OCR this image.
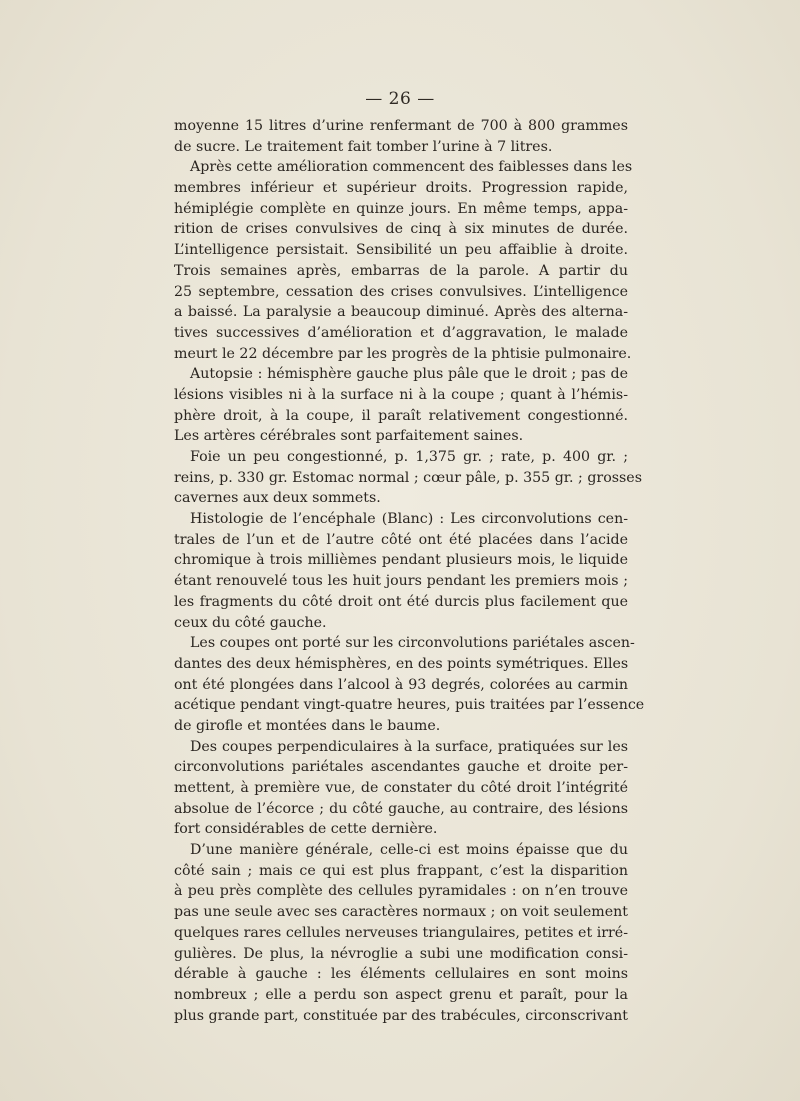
— 26 —
moyenne 15 litres d’urine renfermant de 700 à 800 grammes
de sucre. Le traitement fait tomber l’urine à 7 litres.
Après cette amélioration commencent des faiblesses dans les
membres inférieur et supérieur droits. Progression rapide,
hémiplégie complète en quinze jours. En même temps, appa-
rition de crises convulsives de cinq à six minutes de durée.
L’intelligence persistait. Sensibilité un peu affaiblie à droite.
Trois semaines après, embarras de la parole. A partir du
25 septembre, cessation des crises convulsives. L’intelligence
a baissé. La paralysie a beaucoup diminué. Après des alterna-
tives successives d’amélioration et d’aggravation, le malade
meurt le 22 décembre par les progrès de la phtisie pulmonaire.
Autopsie : hémisphère gauche plus pâle que le droit ; pas de
lésions visibles ni à la surface ni à la coupe ; quant à l’hémis-
phère droit, à la coupe, il paraît relativement congestionné.
Les artères cérébrales sont parfaitement saines.
Foie un peu congestionné, p. 1,375 gr. ; rate, p. 400 gr. ;
reins, p. 330 gr. Estomac normal ; cœur pâle, p. 355 gr. ; grosses
cavernes aux deux sommets.
Histologie de l’encéphale (Blanc) : Les circonvolutions cen-
trales de l’un et de l’autre côté ont été placées dans l’acide
chromique à trois millièmes pendant plusieurs mois, le liquide
étant renouvelé tous les huit jours pendant les premiers mois ;
les fragments du côté droit ont été durcis plus facilement que
ceux du côté gauche.
Les coupes ont porté sur les circonvolutions pariétales ascen-
dantes des deux hémisphères, en des points symétriques. Elles
ont été plongées dans l’alcool à 93 degrés, colorées au carmin
acétique pendant vingt-quatre heures, puis traitées par l’essence
de girofle et montées dans le baume.
Des coupes perpendiculaires à la surface, pratiquées sur les
circonvolutions pariétales ascendantes gauche et droite per-
mettent, à première vue, de constater du côté droit l’intégrité
absolue de l’écorce ; du côté gauche, au contraire, des lésions
fort considérables de cette dernière.
D’une manière générale, celle-ci est moins épaisse que du
côté sain ; mais ce qui est plus frappant, c’est la disparition
à peu près complète des cellules pyramidales : on n’en trouve
pas une seule avec ses caractères normaux ; on voit seulement
quelques rares cellules nerveuses triangulaires, petites et irré-
gulières. De plus, la névroglie a subi une modification consi-
dérable à gauche : les éléments cellulaires en sont moins
nombreux ; elle a perdu son aspect grenu et paraît, pour la
plus grande part, constituée par des trabécules, circonscrivant
